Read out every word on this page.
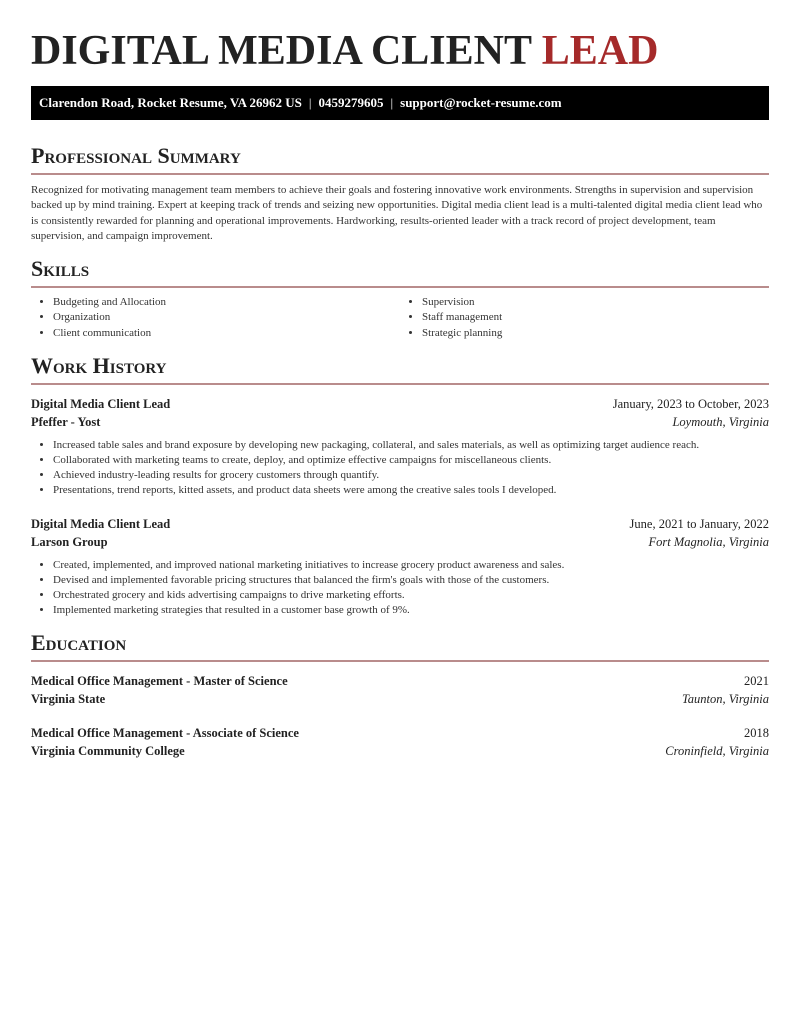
DIGITAL MEDIA CLIENT LEAD
Clarendon Road, Rocket Resume, VA 26962 US | 0459279605 | support@rocket-resume.com
Professional Summary

Recognized for motivating management team members to achieve their goals and fostering innovative work environments. Strengths in supervision and supervision backed up by mind training. Expert at keeping track of trends and seizing new opportunities. Digital media client lead is a multi-talented digital media client lead who is consistently rewarded for planning and operational improvements. Hardworking, results-oriented leader with a track record of project development, team supervision, and campaign improvement.

Skills
• Budgeting and Allocation
• Organization
• Client communication
• Supervision
• Staff management
• Strategic planning
Work History
Digital Media Client Lead	January, 2023 to October, 2023
Pfeffer - Yost	Loymouth, Virginia
• Increased table sales and brand exposure by developing new packaging, collateral, and sales materials, as well as optimizing target audience reach.
• Collaborated with marketing teams to create, deploy, and optimize effective campaigns for miscellaneous clients.
• Achieved industry-leading results for grocery customers through quantify.
• Presentations, trend reports, kitted assets, and product data sheets were among the creative sales tools I developed.
Digital Media Client Lead	June, 2021 to January, 2022
Larson Group	Fort Magnolia, Virginia
• Created, implemented, and improved national marketing initiatives to increase grocery product awareness and sales.
• Devised and implemented favorable pricing structures that balanced the firm's goals with those of the customers.
• Orchestrated grocery and kids advertising campaigns to drive marketing efforts.
• Implemented marketing strategies that resulted in a customer base growth of 9%.
Education
Medical Office Management - Master of Science	2021
Virginia State	Taunton, Virginia
Medical Office Management - Associate of Science	2018
Virginia Community College	Croninfield, Virginia
